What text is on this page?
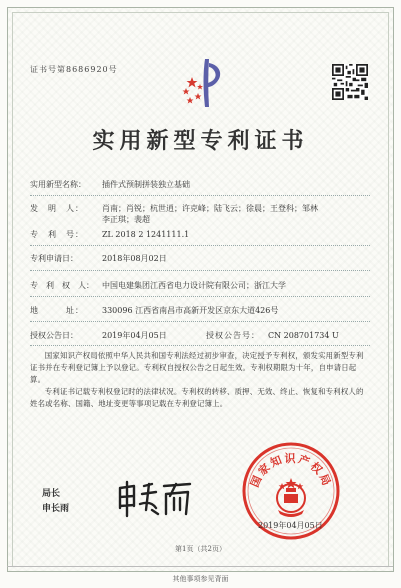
证书号第8686920号
实用新型专利证书
实用新型名称： 插件式预制拼装独立基础
发　明　人： 肖南；肖锐；杭世逍；许克峰；陆飞云；徐晨；王登科；邹林
李正琪；裴超
专　利　号： ZL 2018 2 1241111.1
专利申请日：	2018年08月02日
专　利　权　人： 中国电建集团江西省电力设计院有限公司；浙江大学
地　　　址： 330096 江西省南昌市高新开发区京东大道426号
授权公告日：	2019年04月05日	授权公告号： CN 208701734 U
国家知识产权局依照中华人民共和国专利法经过初步审查，决定授予专利权，颁发实用新型专利证书并在专利登记簿上予以登记。专利权自授权公告之日起生效。专利权期限为十年，自申请日起算。
专利证书记载专利权登记时的法律状况。专利权的转移、质押、无效、终止、恢复和专利权人的姓名或名称、国籍、地址变更等事项记载在专利登记簿上。
局长
申长雨
国家知识产权局
2019年04月05日
第1页（共2页）
其他事项参见背面
